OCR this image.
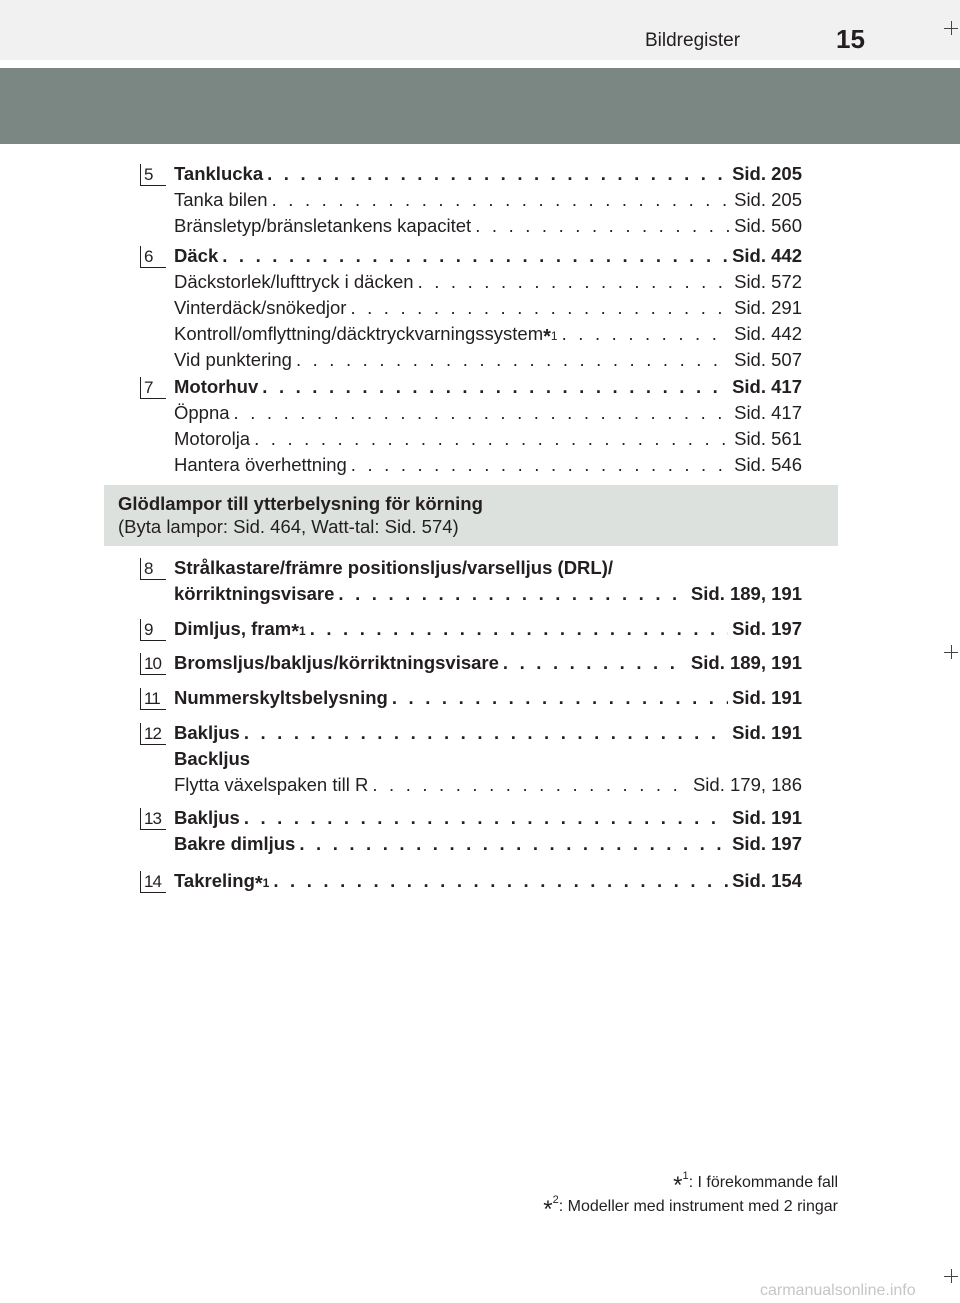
Bildregister	15
5	Tanklucka . . .	Sid. 205
Tanka bilen . . .	Sid. 205
Bränsletyp/bränsletankens kapacitet . . .	Sid. 560
6	Däck . . .	Sid. 442
Däckstorlek/lufttryck i däcken . . .	Sid. 572
Vinterdäck/snökedjor . . .	Sid. 291
Kontroll/omflyttning/däcktryckvarningssystem *1 . . .	Sid. 442
Vid punktering . . .	Sid. 507
7	Motorhuv . . .	Sid. 417
Öppna . . .	Sid. 417
Motorolja . . .	Sid. 561
Hantera överhettning . . .	Sid. 546
Glödlampor till ytterbelysning för körning
(Byta lampor: Sid. 464, Watt-tal: Sid. 574)
8	Strålkastare/främre positionsljus/varselljus (DRL)/
körriktningsvisare . . .	Sid. 189, 191
9	Dimljus, fram *1 . . .	Sid. 197
10 Bromsljus/bakljus/körriktningsvisare . . .	Sid. 189, 191
11 Nummerskyltsbelysning . . .	Sid. 191
12 Bakljus . . .	Sid. 191
Backljus
Flytta växelspaken till R . . .	Sid. 179, 186
13 Bakljus . . .	Sid. 191
Bakre dimljus . . .	Sid. 197
14 Takreling *1 . . .	Sid. 154
*$^1$: I förekommande fall
*$^2$: Modeller med instrument med 2 ringar
carmanualsonline.info
